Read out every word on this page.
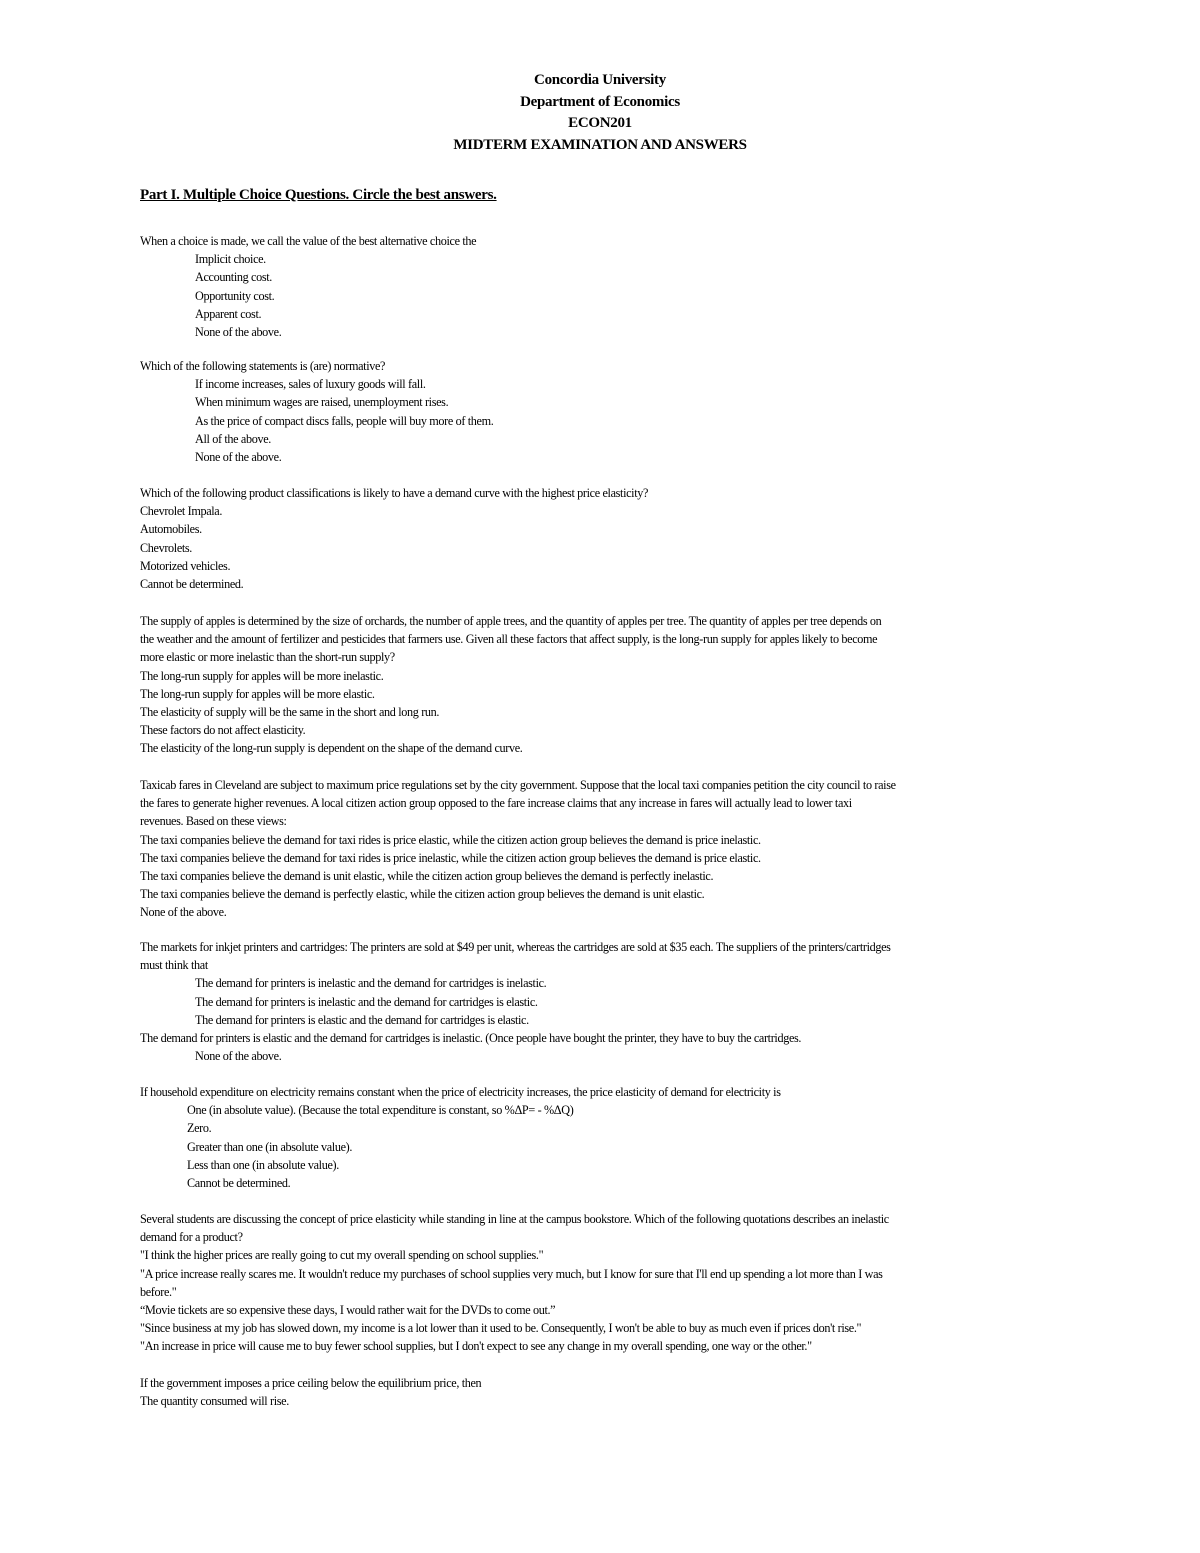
Concordia University
Department of Economics
ECON201
MIDTERM EXAMINATION AND ANSWERS
Part I. Multiple Choice Questions. Circle the best answers.

When a choice is made, we call the value of the best alternative choice the

Implicit choice.

Accounting cost.

Opportunity cost.

Apparent cost.

None of the above.

Which of the following statements is (are) normative?

If income increases, sales of luxury goods will fall.

When minimum wages are raised, unemployment rises.

As the price of compact discs falls, people will buy more of them.

All of the above.

None of the above.

Which of the following product classifications is likely to have a demand curve with the highest price elasticity?

Chevrolet Impala.

Automobiles.

Chevrolets.

Motorized vehicles.

Cannot be determined.

The supply of apples is determined by the size of orchards, the number of apple trees, and the quantity of apples per tree. The quantity of apples per tree depends on

the weather and the amount of fertilizer and pesticides that farmers use. Given all these factors that affect supply, is the long-run supply for apples likely to become

more elastic or more inelastic than the short-run supply?

The long-run supply for apples will be more inelastic.

The long-run supply for apples will be more elastic.

The elasticity of supply will be the same in the short and long run.

These factors do not affect elasticity.

The elasticity of the long-run supply is dependent on the shape of the demand curve.

Taxicab fares in Cleveland are subject to maximum price regulations set by the city government. Suppose that the local taxi companies petition the city council to raise

the fares to generate higher revenues. A local citizen action group opposed to the fare increase claims that any increase in fares will actually lead to lower taxi

revenues. Based on these views:

The taxi companies believe the demand for taxi rides is price elastic, while the citizen action group believes the demand is price inelastic.

The taxi companies believe the demand for taxi rides is price inelastic, while the citizen action group believes the demand is price elastic.

The taxi companies believe the demand is unit elastic, while the citizen action group believes the demand is perfectly inelastic.

The taxi companies believe the demand is perfectly elastic, while the citizen action group believes the demand is unit elastic.

None of the above.

The markets for inkjet printers and cartridges: The printers are sold at $49 per unit, whereas the cartridges are sold at $35 each. The suppliers of the printers/cartridges

must think that

The demand for printers is inelastic and the demand for cartridges is inelastic.

The demand for printers is inelastic and the demand for cartridges is elastic.

The demand for printers is elastic and the demand for cartridges is elastic.

The demand for printers is elastic and the demand for cartridges is inelastic. (Once people have bought the printer, they have to buy the cartridges.

None of the above.

If household expenditure on electricity remains constant when the price of electricity increases, the price elasticity of demand for electricity is

One (in absolute value). (Because the total expenditure is constant, so %ΔP= - %ΔQ)

Zero.

Greater than one (in absolute value).

Less than one (in absolute value).

Cannot be determined.

Several students are discussing the concept of price elasticity while standing in line at the campus bookstore. Which of the following quotations describes an inelastic

demand for a product?

"I think the higher prices are really going to cut my overall spending on school supplies."

"A price increase really scares me. It wouldn't reduce my purchases of school supplies very much, but I know for sure that I'll end up spending a lot more than I was

before."

“Movie tickets are so expensive these days, I would rather wait for the DVDs to come out.”

"Since business at my job has slowed down, my income is a lot lower than it used to be. Consequently, I won't be able to buy as much even if prices don't rise."

"An increase in price will cause me to buy fewer school supplies, but I don't expect to see any change in my overall spending, one way or the other."

If the government imposes a price ceiling below the equilibrium price, then

The quantity consumed will rise.
